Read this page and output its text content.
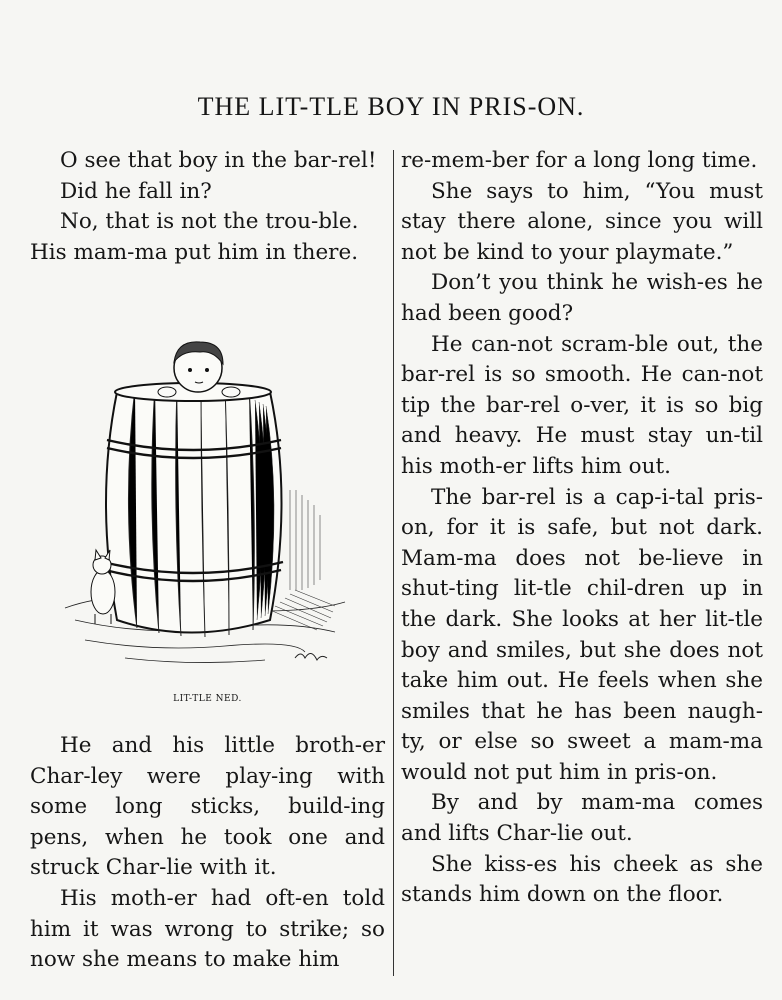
THE LIT-TLE BOY IN PRIS-ON.

O see that boy in the bar-rel!

Did he fall in?

No, that is not the trou-ble.

His mam-ma put him in there.

LIT-TLE NED.

He and his little broth-er Char-ley were play-ing with some long sticks, build-ing pens, when he took one and struck Char-lie with it.

His moth-er had oft-en told him it was wrong to strike; so now she means to make him

re-mem-ber for a long long time.

She says to him, “You must stay there alone, since you will not be kind to your playmate.”

Don’t you think he wish-es he had been good?

He can-not scram-ble out, the bar-rel is so smooth. He can-not tip the bar-rel o-ver, it is so big and heavy. He must stay un-til his moth-er lifts him out.

The bar-rel is a cap-i-tal pris-on, for it is safe, but not dark. Mam-ma does not be-lieve in shut-ting lit-tle chil-dren up in the dark. She looks at her lit-tle boy and smiles, but she does not take him out. He feels when she smiles that he has been naugh-ty, or else so sweet a mam-ma would not put him in pris-on.

By and by mam-ma comes and lifts Char-lie out.

She kiss-es his cheek as she stands him down on the floor.
